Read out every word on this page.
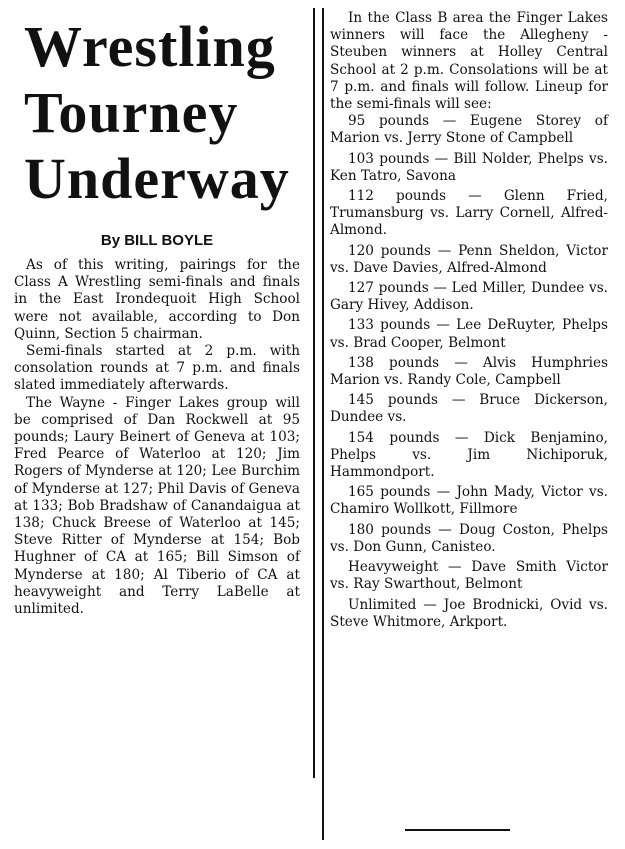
Wrestling
Tourney
Underway
By BILL BOYLE

As of this writing, pairings for the Class A Wrestling semi-finals and finals in the East Irondequoit High School were not available, according to Don Quinn, Section 5 chairman.

Semi-finals started at 2 p.m. with consolation rounds at 7 p.m. and finals slated immediately afterwards.

The Wayne - Finger Lakes group will be comprised of Dan Rockwell at 95 pounds; Laury Beinert of Geneva at 103; Fred Pearce of Waterloo at 120; Jim Rogers of Mynderse at 120; Lee Burchim of Mynderse at 127; Phil Davis of Geneva at 133; Bob Bradshaw of Canandaigua at 138; Chuck Breese of Waterloo at 145; Steve Ritter of Mynderse at 154; Bob Hughner of CA at 165; Bill Simson of Mynderse at 180; Al Tiberio of CA at heavyweight and Terry LaBelle at unlimited.

In the Class B area the Finger Lakes winners will face the Allegheny - Steuben winners at Holley Central School at 2 p.m. Consolations will be at 7 p.m. and finals will follow. Lineup for the semi-finals will see:

95 pounds — Eugene Storey of Marion vs. Jerry Stone of Campbell

103 pounds — Bill Nolder, Phelps vs. Ken Tatro, Savona

112 pounds — Glenn Fried, Trumansburg vs. Larry Cornell, Alfred-Almond.

120 pounds — Penn Sheldon, Victor vs. Dave Davies, Alfred-Almond

127 pounds — Led Miller, Dundee vs. Gary Hivey, Addison.

133 pounds — Lee DeRuyter, Phelps vs. Brad Cooper, Belmont

138 pounds — Alvis Humphries Marion vs. Randy Cole, Campbell

145 pounds — Bruce Dickerson, Dundee vs.

154 pounds — Dick Benjamino, Phelps vs. Jim Nichiporuk, Hammondport.

165 pounds — John Mady, Victor vs. Chamiro Wollkott, Fillmore

180 pounds — Doug Coston, Phelps vs. Don Gunn, Canisteo.

Heavyweight — Dave Smith Victor vs. Ray Swarthout, Belmont

Unlimited — Joe Brodnicki, Ovid vs. Steve Whitmore, Arkport.
